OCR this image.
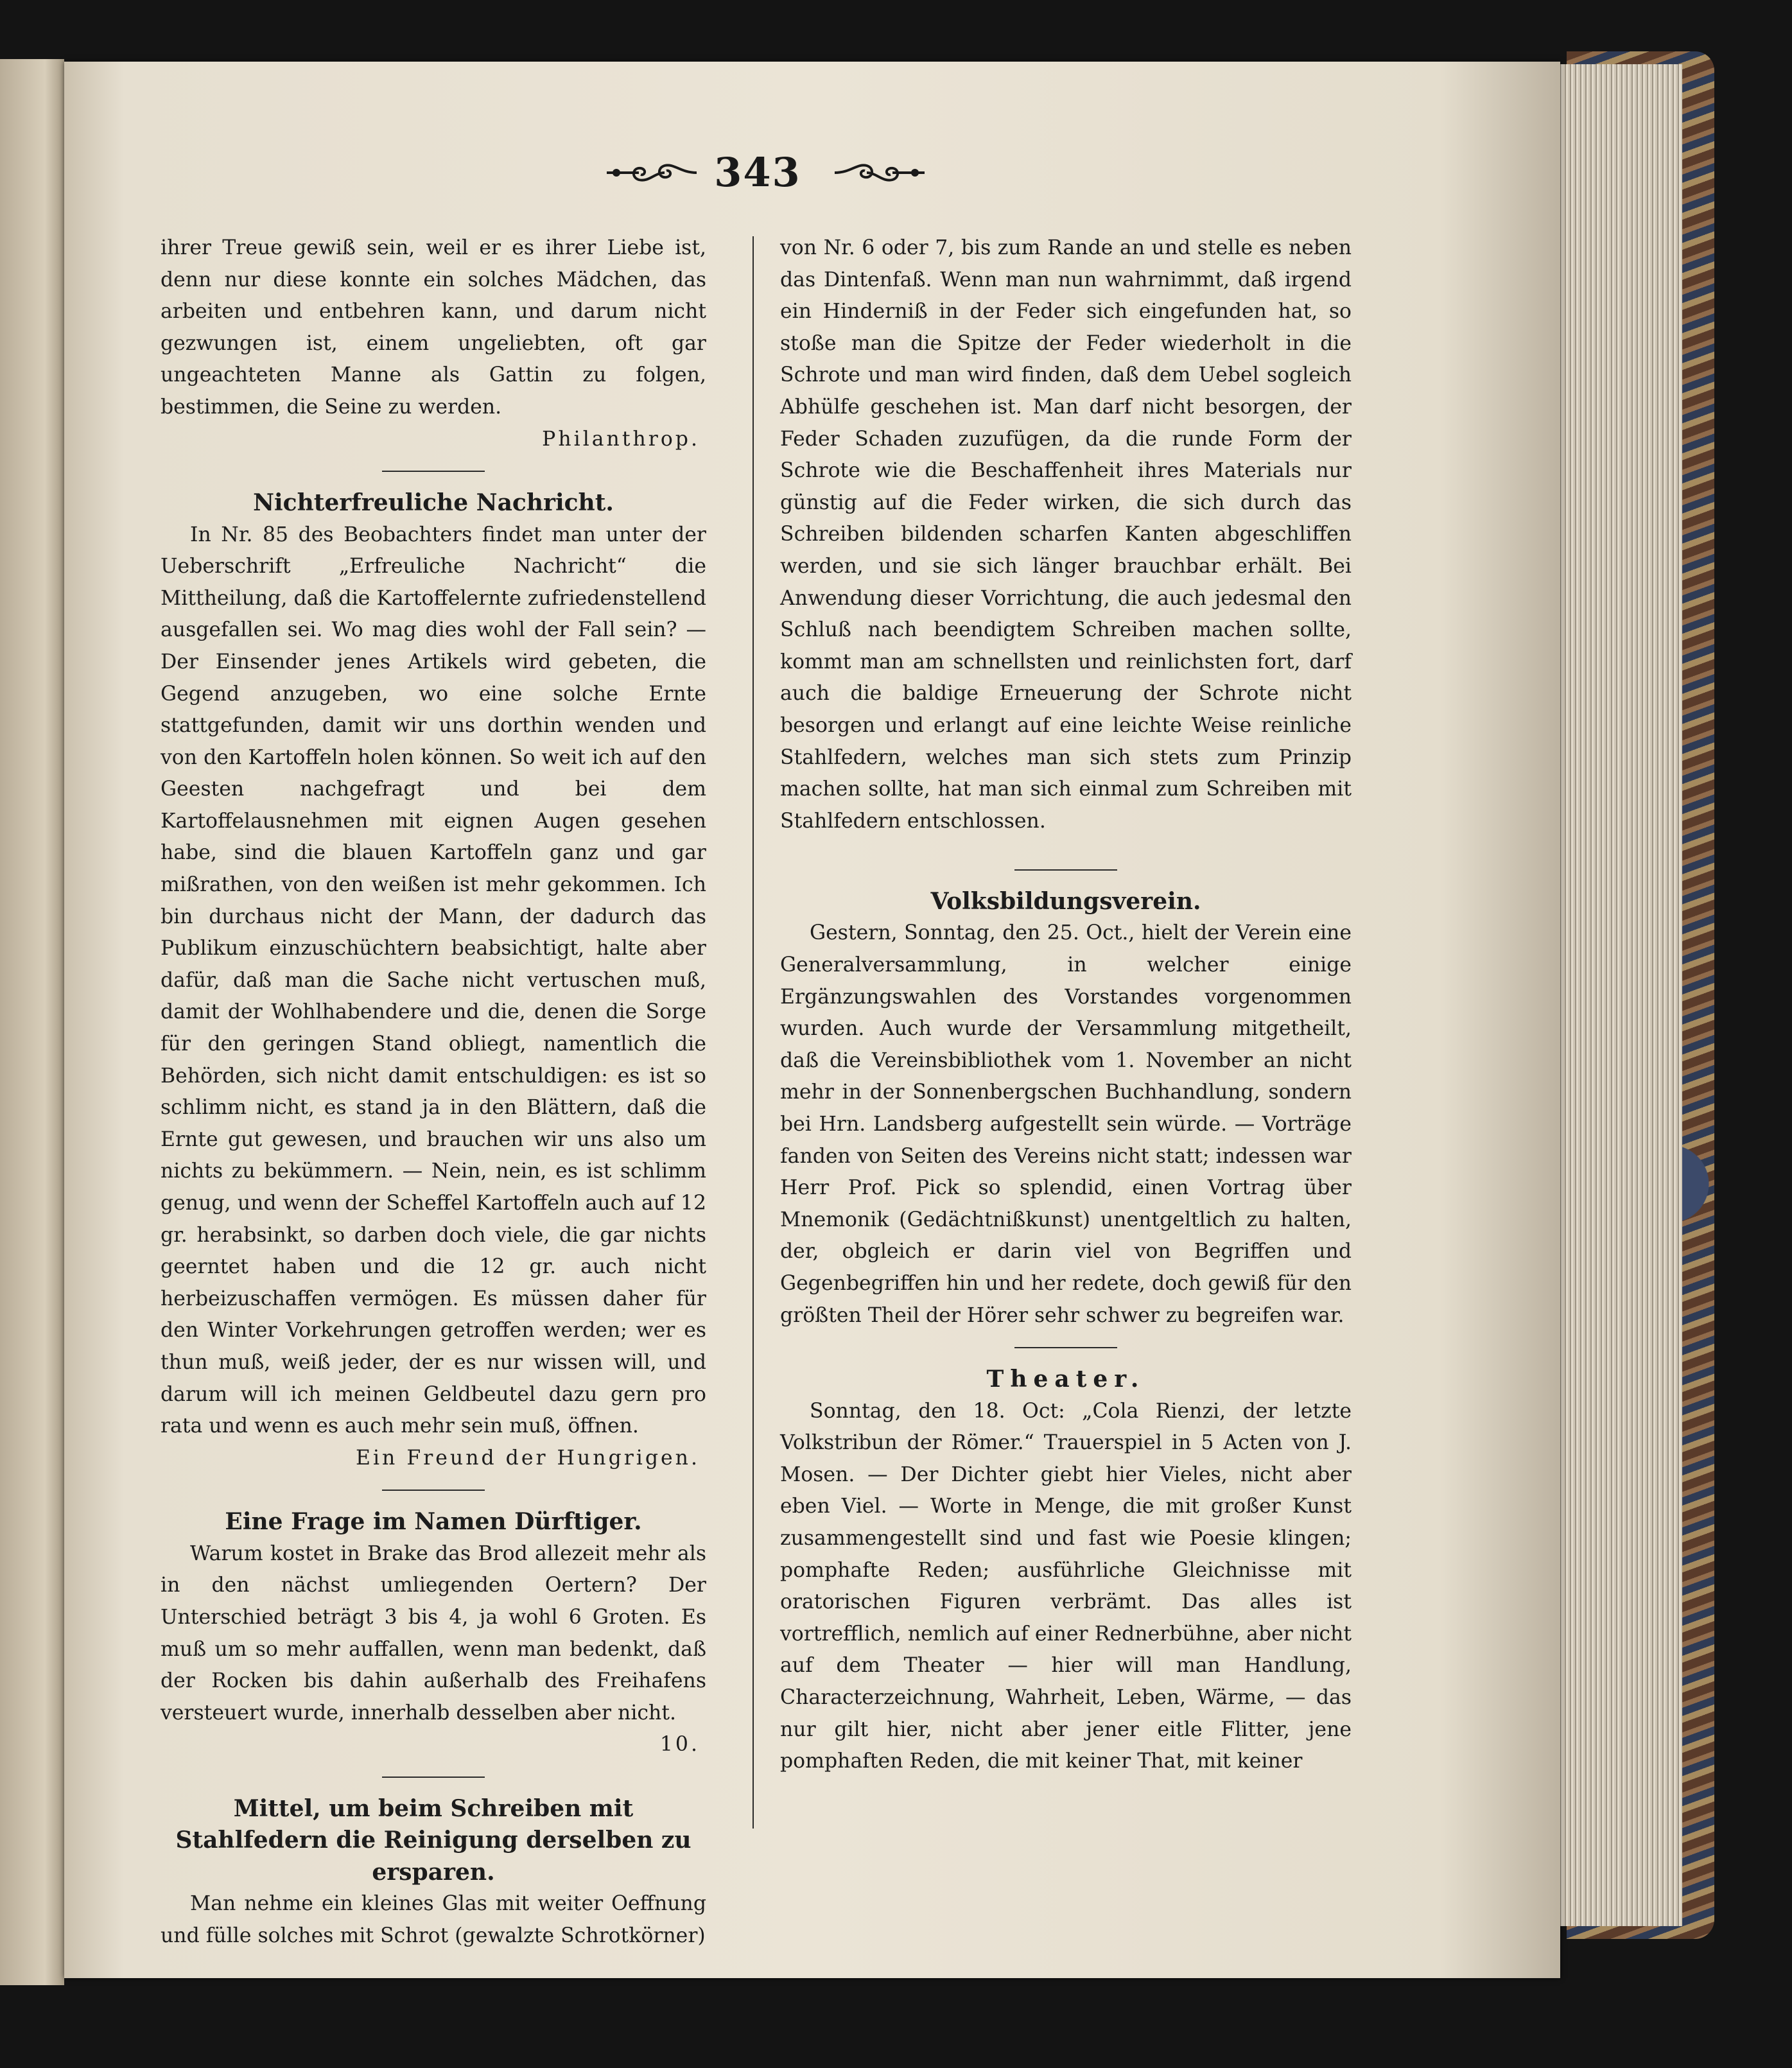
343

ihrer Treue gewiß sein, weil er es ihrer Liebe ist, denn nur diese konnte ein solches Mädchen, das arbeiten und entbehren kann, und darum nicht gezwungen ist, einem ungeliebten, oft gar ungeachteten Manne als Gattin zu folgen, bestimmen, die Seine zu werden.

Philanthrop.

Nichterfreuliche Nachricht.

In Nr. 85 des Beobachters findet man unter der Ueberschrift „Erfreuliche Nachricht“ die Mittheilung, daß die Kartoffelernte zufriedenstellend ausgefallen sei. Wo mag dies wohl der Fall sein? — Der Einsender jenes Artikels wird gebeten, die Gegend anzugeben, wo eine solche Ernte stattgefunden, damit wir uns dorthin wenden und von den Kartoffeln holen können. So weit ich auf den Geesten nachgefragt und bei dem Kartoffelausnehmen mit eignen Augen gesehen habe, sind die blauen Kartoffeln ganz und gar mißrathen, von den weißen ist mehr gekommen. Ich bin durchaus nicht der Mann, der dadurch das Publikum einzuschüchtern beabsichtigt, halte aber dafür, daß man die Sache nicht vertuschen muß, damit der Wohlhabendere und die, denen die Sorge für den geringen Stand obliegt, namentlich die Behörden, sich nicht damit entschuldigen: es ist so schlimm nicht, es stand ja in den Blättern, daß die Ernte gut gewesen, und brauchen wir uns also um nichts zu bekümmern. — Nein, nein, es ist schlimm genug, und wenn der Scheffel Kartoffeln auch auf 12 gr. herabsinkt, so darben doch viele, die gar nichts geerntet haben und die 12 gr. auch nicht herbeizuschaffen vermögen. Es müssen daher für den Winter Vorkehrungen getroffen werden; wer es thun muß, weiß jeder, der es nur wissen will, und darum will ich meinen Geldbeutel dazu gern pro rata und wenn es auch mehr sein muß, öffnen.

Ein Freund der Hungrigen.

Eine Frage im Namen Dürftiger.

Warum kostet in Brake das Brod allezeit mehr als in den nächst umliegenden Oertern? Der Unterschied beträgt 3 bis 4, ja wohl 6 Groten. Es muß um so mehr auffallen, wenn man bedenkt, daß der Rocken bis dahin außerhalb des Freihafens versteuert wurde, innerhalb desselben aber nicht.

10.

Mittel, um beim Schreiben mit Stahlfedern die Reinigung derselben zu ersparen.

Man nehme ein kleines Glas mit weiter Oeffnung und fülle solches mit Schrot (gewalzte Schrotkörner)

von Nr. 6 oder 7, bis zum Rande an und stelle es neben das Dintenfaß. Wenn man nun wahrnimmt, daß irgend ein Hinderniß in der Feder sich eingefunden hat, so stoße man die Spitze der Feder wiederholt in die Schrote und man wird finden, daß dem Uebel sogleich Abhülfe geschehen ist. Man darf nicht besorgen, der Feder Schaden zuzufügen, da die runde Form der Schrote wie die Beschaffenheit ihres Materials nur günstig auf die Feder wirken, die sich durch das Schreiben bildenden scharfen Kanten abgeschliffen werden, und sie sich länger brauchbar erhält. Bei Anwendung dieser Vorrichtung, die auch jedesmal den Schluß nach beendigtem Schreiben machen sollte, kommt man am schnellsten und reinlichsten fort, darf auch die baldige Erneuerung der Schrote nicht besorgen und erlangt auf eine leichte Weise reinliche Stahlfedern, welches man sich stets zum Prinzip machen sollte, hat man sich einmal zum Schreiben mit Stahlfedern entschlossen.

Volksbildungsverein.

Gestern, Sonntag, den 25. Oct., hielt der Verein eine Generalversammlung, in welcher einige Ergänzungswahlen des Vorstandes vorgenommen wurden. Auch wurde der Versammlung mitgetheilt, daß die Vereinsbibliothek vom 1. November an nicht mehr in der Sonnenbergschen Buchhandlung, sondern bei Hrn. Landsberg aufgestellt sein würde. — Vorträge fanden von Seiten des Vereins nicht statt; indessen war Herr Prof. Pick so splendid, einen Vortrag über Mnemonik (Gedächtnißkunst) unentgeltlich zu halten, der, obgleich er darin viel von Begriffen und Gegenbegriffen hin und her redete, doch gewiß für den größten Theil der Hörer sehr schwer zu begreifen war.

Theater.

Sonntag, den 18. Oct: „Cola Rienzi, der letzte Volkstribun der Römer.“ Trauerspiel in 5 Acten von J. Mosen. — Der Dichter giebt hier Vieles, nicht aber eben Viel. — Worte in Menge, die mit großer Kunst zusammengestellt sind und fast wie Poesie klingen; pomphafte Reden; ausführliche Gleichnisse mit oratorischen Figuren verbrämt. Das alles ist vortrefflich, nemlich auf einer Rednerbühne, aber nicht auf dem Theater — hier will man Handlung, Characterzeichnung, Wahrheit, Leben, Wärme, — das nur gilt hier, nicht aber jener eitle Flitter, jene pomphaften Reden, die mit keiner That, mit keiner
